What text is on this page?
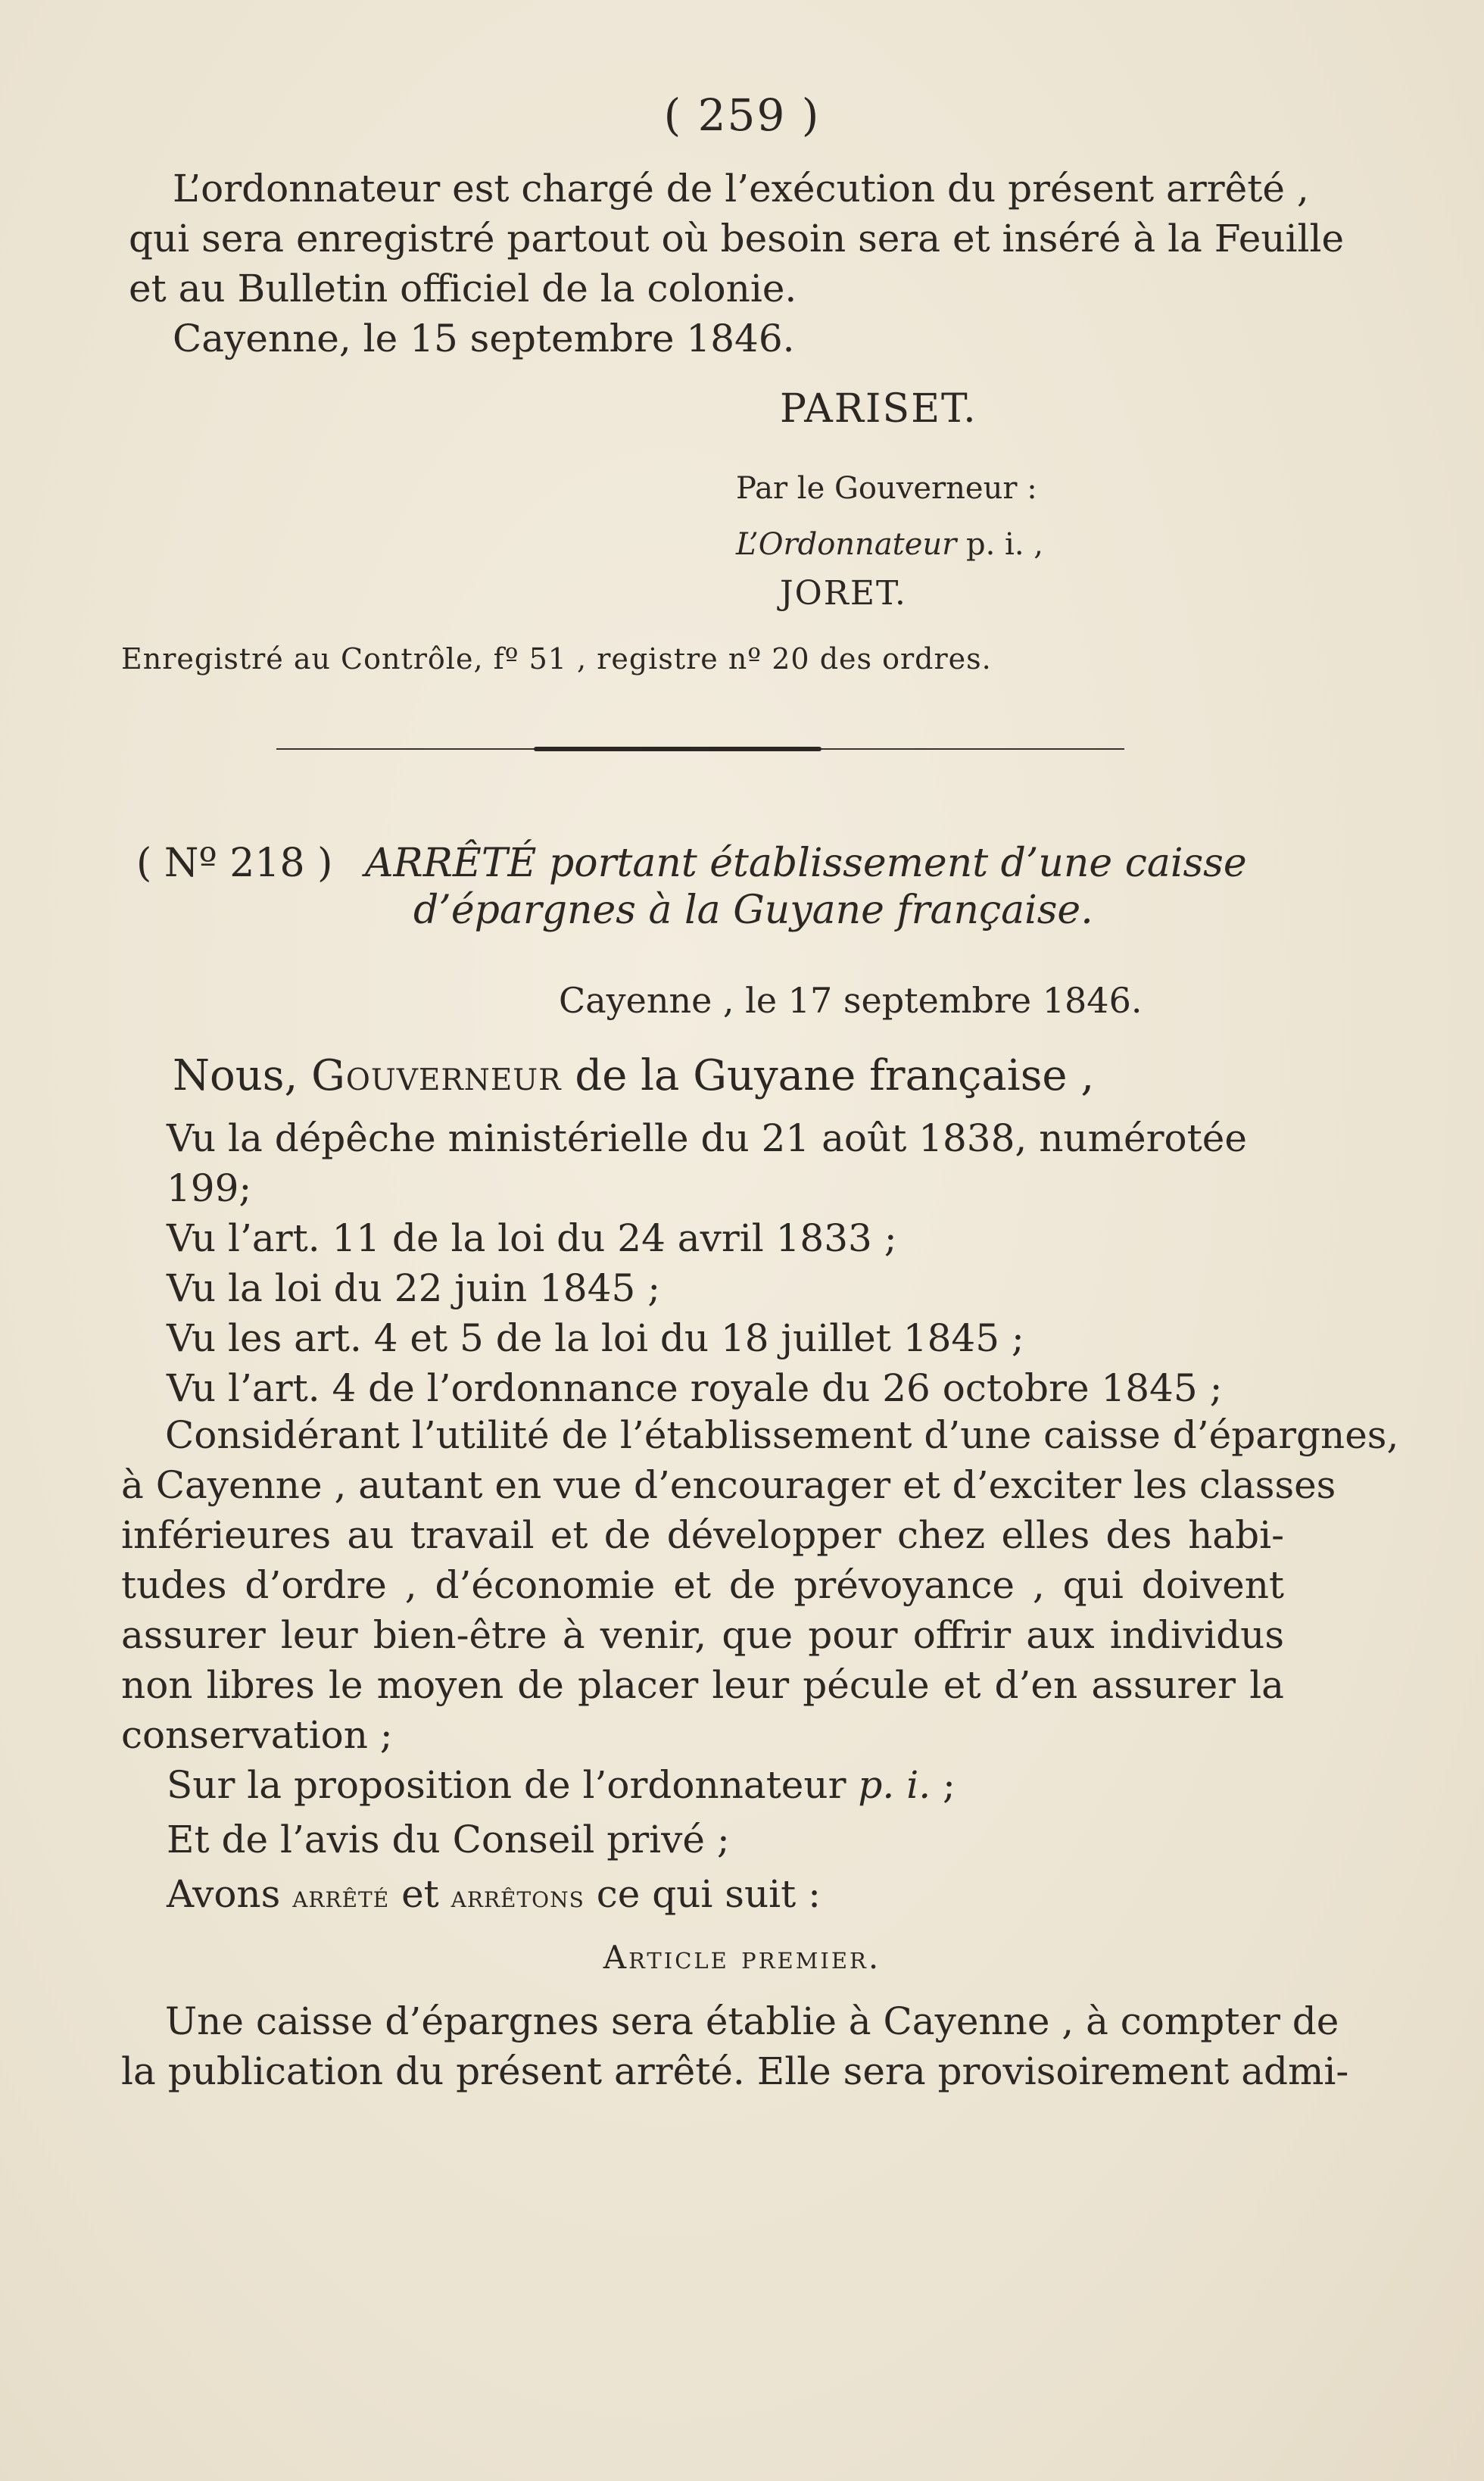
( 259 )
L’ordonnateur est chargé de l’exécution du présent arrêté ,
qui sera enregistré partout où besoin sera et inséré à la Feuille
et au Bulletin officiel de la colonie.
Cayenne, le 15 septembre 1846.
PARISET.
Par le Gouverneur :
L’Ordonnateur p. i. ,
JORET.
Enregistré au Contrôle, fº 51 , registre nº 20 des ordres.
( Nº 218 ) ARRÊTÉ portant établissement d’une caisse
d’épargnes à la Guyane française.
Cayenne , le 17 septembre 1846.
Nous, Gouverneur de la Guyane française ,
Vu la dépêche ministérielle du 21 août 1838, numérotée 199;
Vu l’art. 11 de la loi du 24 avril 1833 ;
Vu la loi du 22 juin 1845 ;
Vu les art. 4 et 5 de la loi du 18 juillet 1845 ;
Vu l’art. 4 de l’ordonnance royale du 26 octobre 1845 ;
Considérant l’utilité de l’établissement d’une caisse d’épargnes,
à Cayenne , autant en vue d’encourager et d’exciter les classes
inférieures au travail et de développer chez elles des habi-
tudes d’ordre , d’économie et de prévoyance , qui doivent
assurer leur bien-être à venir, que pour offrir aux individus
non libres le moyen de placer leur pécule et d’en assurer la
conservation ;
Sur la proposition de l’ordonnateur p. i. ;
Et de l’avis du Conseil privé ;
Avons arrêté et arrêtons ce qui suit :
Article premier.
Une caisse d’épargnes sera établie à Cayenne , à compter de
la publication du présent arrêté. Elle sera provisoirement admi-
